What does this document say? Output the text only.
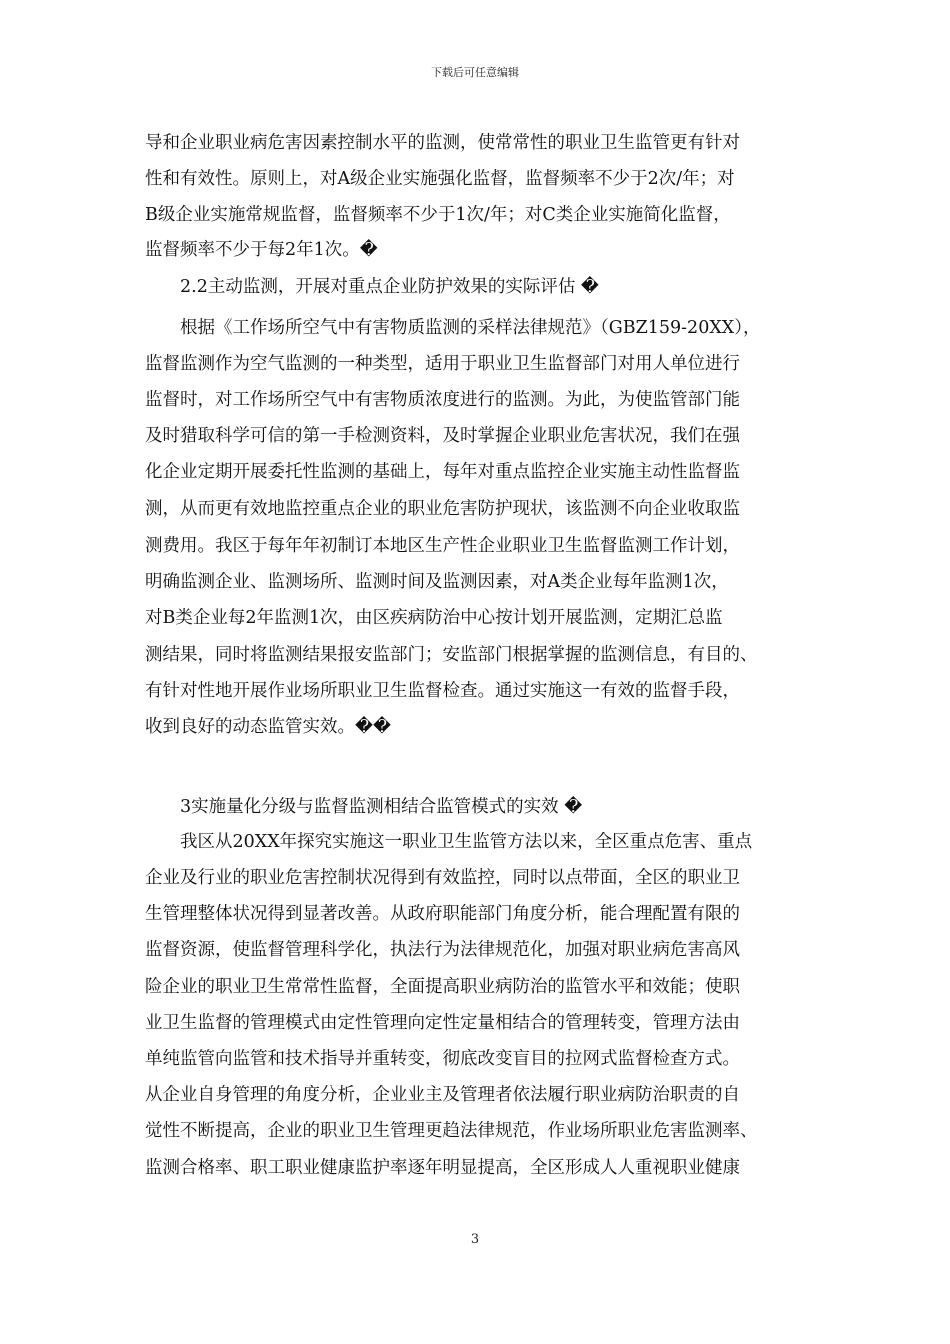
下载后可任意编辑
导和企业职业病危害因素控制水平的监测，使常常性的职业卫生监管更有针对
性和有效性。原则上，对A级企业实施强化监督，监督频率不少于2次/年；对
B级企业实施常规监督，监督频率不少于1次/年；对C类企业实施简化监督，
监督频率不少于每2年1次。�
2.2主动监测，开展对重点企业防护效果的实际评估 �
根据《工作场所空气中有害物质监测的采样法律规范》（GBZ159-20XX），
监督监测作为空气监测的一种类型，适用于职业卫生监督部门对用人单位进行
监督时，对工作场所空气中有害物质浓度进行的监测。为此，为使监管部门能
及时猎取科学可信的第一手检测资料，及时掌握企业职业危害状况，我们在强
化企业定期开展委托性监测的基础上，每年对重点监控企业实施主动性监督监
测，从而更有效地监控重点企业的职业危害防护现状，该监测不向企业收取监
测费用。我区于每年年初制订本地区生产性企业职业卫生监督监测工作计划，
明确监测企业、监测场所、监测时间及监测因素，对A类企业每年监测1次，
对B类企业每2年监测1次，由区疾病防治中心按计划开展监测，定期汇总监
测结果，同时将监测结果报安监部门；安监部门根据掌握的监测信息，有目的、
有针对性地开展作业场所职业卫生监督检查。通过实施这一有效的监督手段，
收到良好的动态监管实效。��
3实施量化分级与监督监测相结合监管模式的实效 �
我区从20XX年探究实施这一职业卫生监管方法以来，全区重点危害、重点
企业及行业的职业危害控制状况得到有效监控，同时以点带面，全区的职业卫
生管理整体状况得到显著改善。从政府职能部门角度分析，能合理配置有限的
监督资源，使监督管理科学化，执法行为法律规范化，加强对职业病危害高风
险企业的职业卫生常常性监督，全面提高职业病防治的监管水平和效能；使职
业卫生监督的管理模式由定性管理向定性定量相结合的管理转变，管理方法由
单纯监管向监管和技术指导并重转变，彻底改变盲目的拉网式监督检查方式。
从企业自身管理的角度分析，企业业主及管理者依法履行职业病防治职责的自
觉性不断提高，企业的职业卫生管理更趋法律规范，作业场所职业危害监测率、
监测合格率、职工职业健康监护率逐年明显提高，全区形成人人重视职业健康
3
